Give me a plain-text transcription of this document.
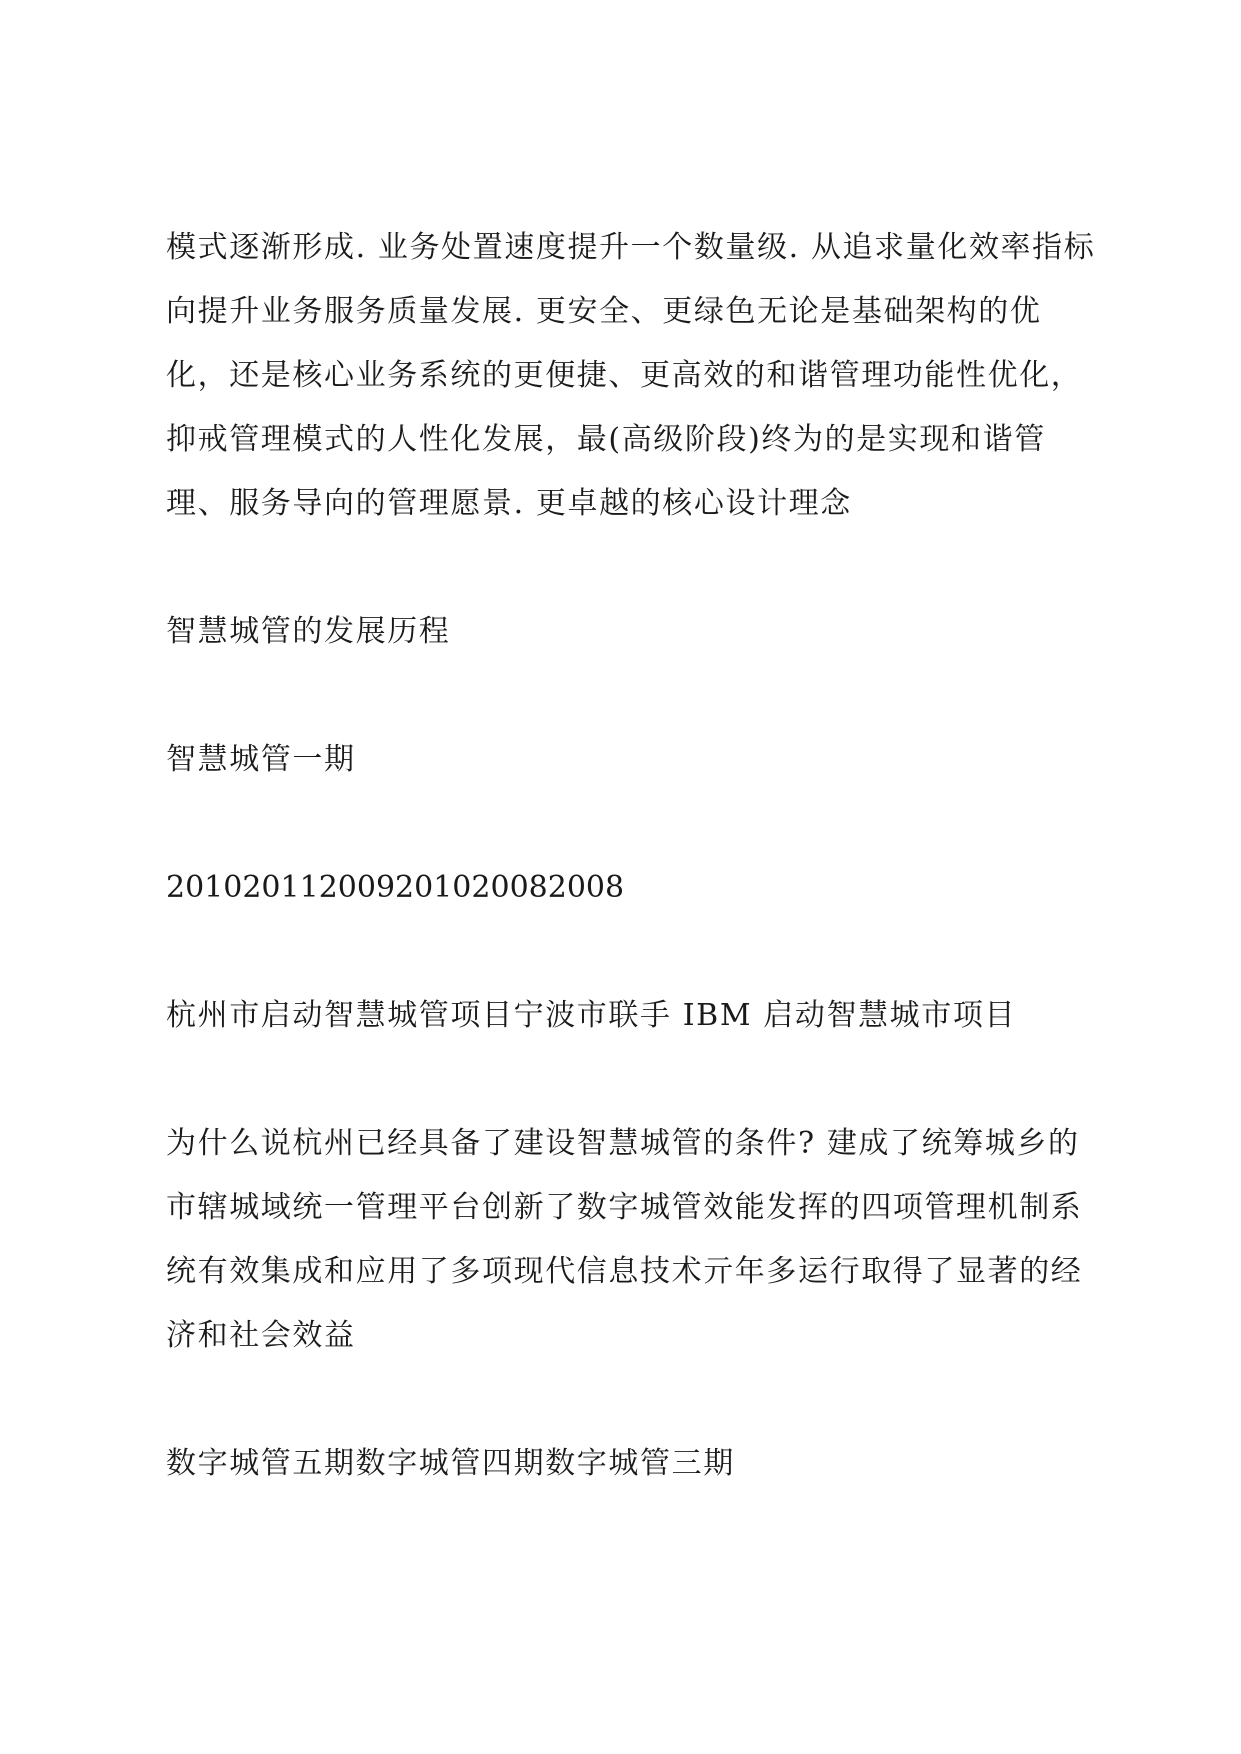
模式逐渐形成. 业务处置速度提升一个数量级. 从追求量化效率指标向提升业务服务质量发展. 更安全、更绿色无论是基础架构的优化，还是核心业务系统的更便捷、更高效的和谐管理功能性优化，抑戒管理模式的人性化发展，最(高级阶段)终为的是实现和谐管理、服务导向的管理愿景. 更卓越的核心设计理念

智慧城管的发展历程

智慧城管一期

2010201120092010200820​08

杭州市启动智慧城管项目宁波市联手 IBM 启动智慧城市项目

为什么说杭州已经具备了建设智慧城管的条件? 建成了统筹城乡的市辖城域统一管理平台创新了数字城管效能发挥的四项管理机制系统有效集成和应用了多项现代信息技术亓年多运行取得了显著的经济和社会效益

数字城管五期数字城管四期数字城管三期
